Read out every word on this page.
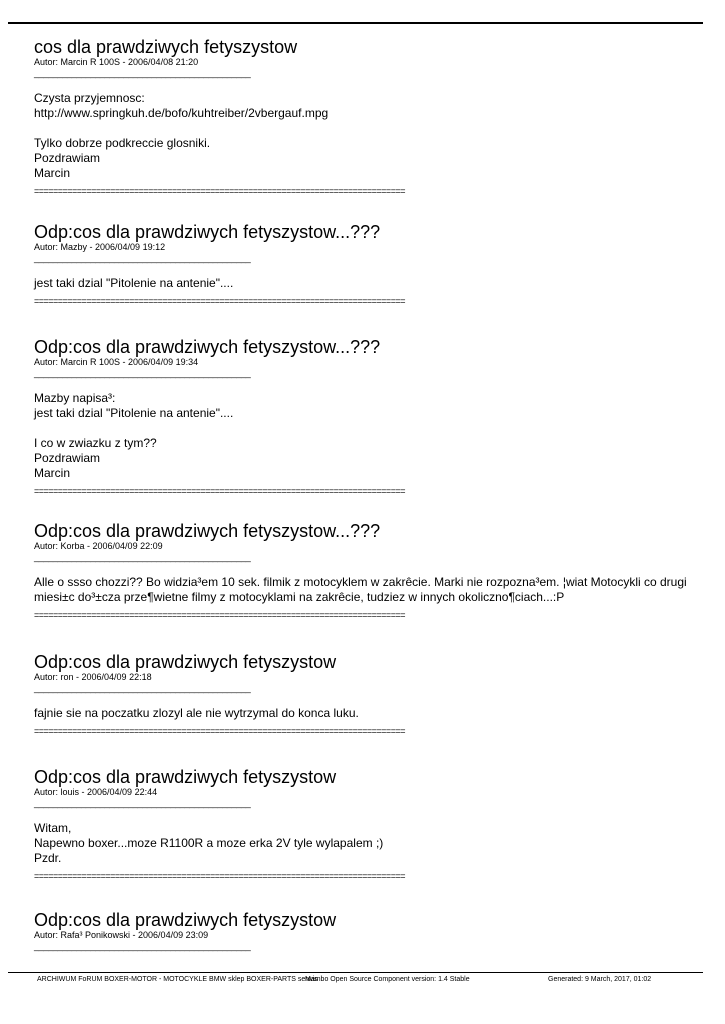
cos dla prawdziwych fetyszystow
Autor: Marcin R 100S - 2006/04/08 21:20
______________________________________________
Czysta przyjemnosc:
http://www.springkuh.de/bofo/kuhtreiber/2vbergauf.mpg
Tylko dobrze podkreccie glosniki.
Pozdrawiam
Marcin
==============================================================================
Odp:cos dla prawdziwych fetyszystow...???
Autor: Mazby - 2006/04/09 19:12
______________________________________________
jest taki dzial "Pitolenie na antenie"....
==============================================================================
Odp:cos dla prawdziwych fetyszystow...???
Autor: Marcin R 100S - 2006/04/09 19:34
______________________________________________
Mazby napisa³:
jest taki dzial "Pitolenie na antenie"....
I co w zwiazku z tym??
Pozdrawiam
Marcin
==============================================================================
Odp:cos dla prawdziwych fetyszystow...???
Autor: Korba - 2006/04/09 22:09
______________________________________________
Alle o ssso chozzi?? Bo widzia³em 10 sek. filmik z motocyklem w zakrêcie. Marki nie rozpozna³em. ¦wiat Motocykli co drugi miesi±c do³±cza prze¶wietne filmy z motocyklami na zakrêcie, tudziez w innych okoliczno¶ciach...:P
==============================================================================
Odp:cos dla prawdziwych fetyszystow
Autor: ron - 2006/04/09 22:18
______________________________________________
fajnie sie na poczatku zlozyl ale nie wytrzymal do konca luku.
==============================================================================
Odp:cos dla prawdziwych fetyszystow
Autor: louis - 2006/04/09 22:44
______________________________________________
Witam,
Napewno boxer...moze R1100R a moze erka 2V tyle wylapalem ;)
Pzdr.
==============================================================================
Odp:cos dla prawdziwych fetyszystow
Autor: Rafa³ Ponikowski - 2006/04/09 23:09
______________________________________________
ARCHIWUM FoRUM BOXER-MOTOR - MOTOCYKLE BMW sklep BOXER-PARTS serwis
Mambo Open Source Component version: 1.4 Stable	Generated: 9 March, 2017, 01:02
